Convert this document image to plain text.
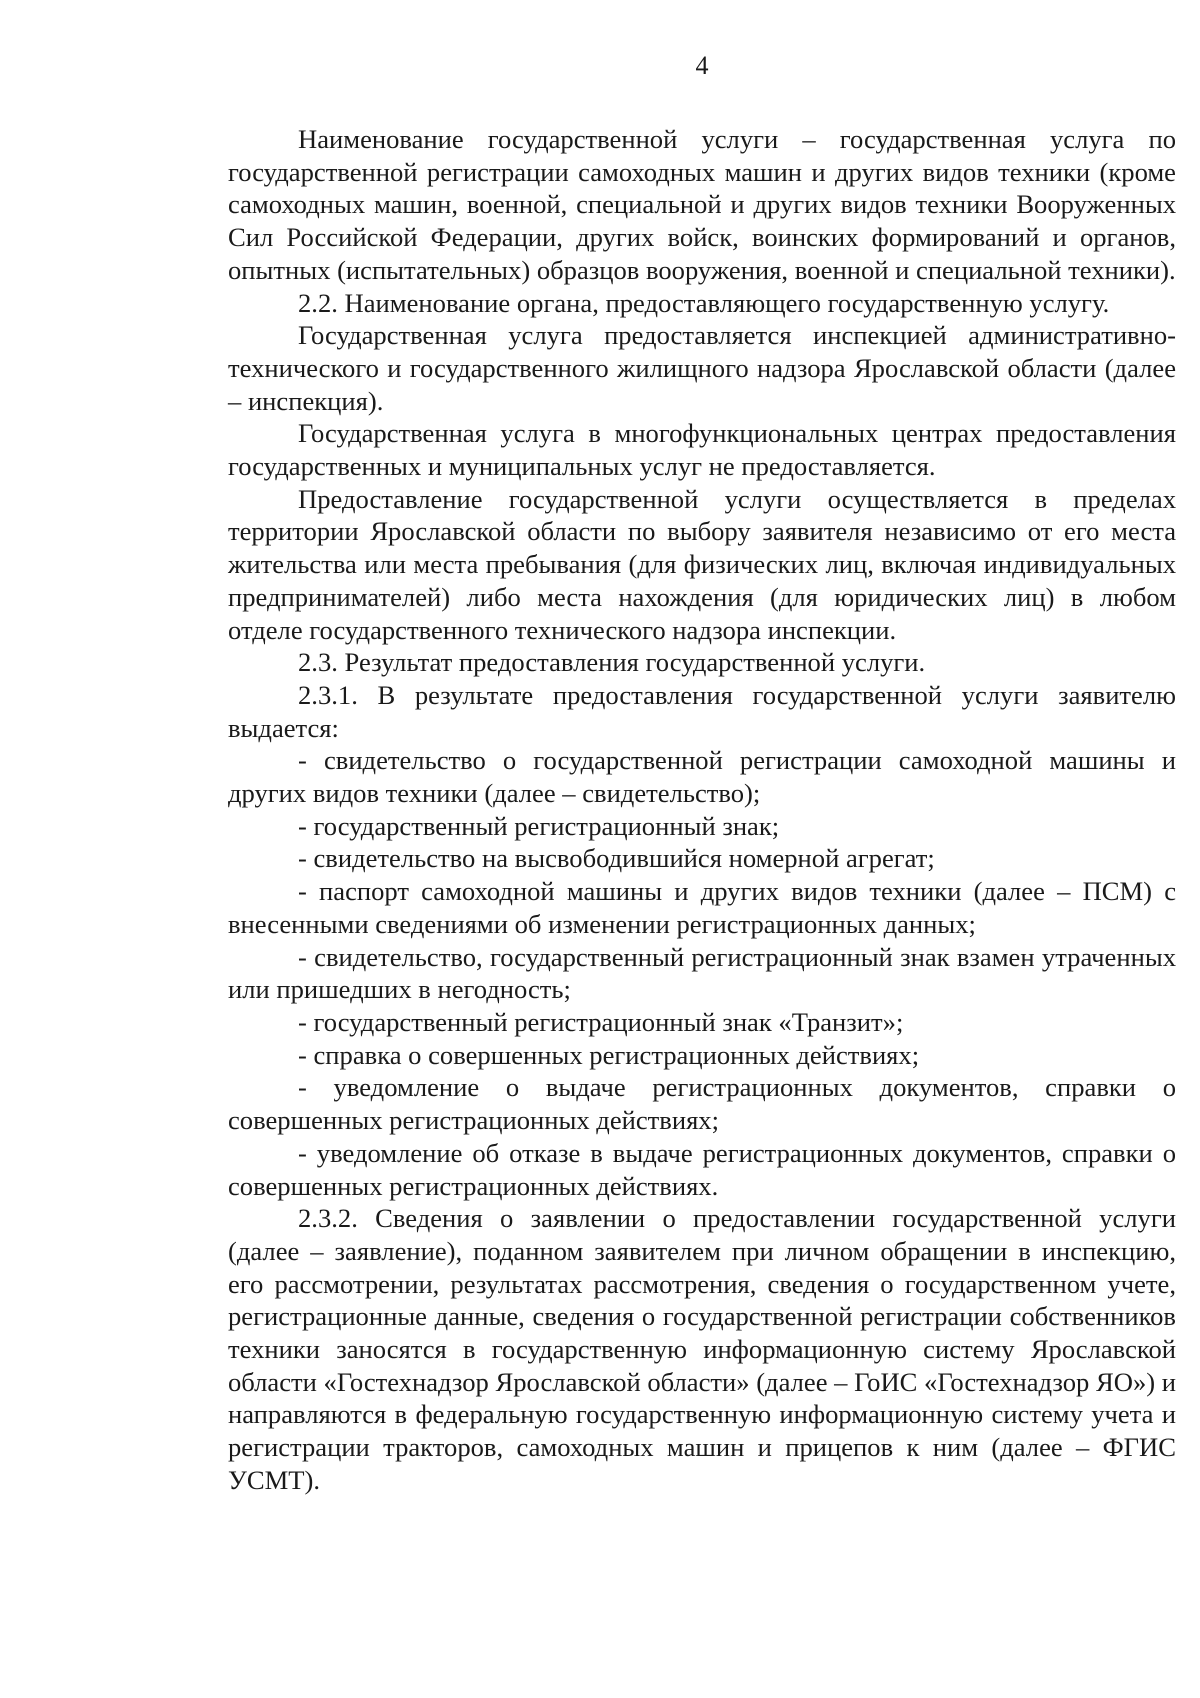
4

Наименование государственной услуги – государственная услуга по государственной регистрации самоходных машин и других видов техники (кроме самоходных машин, военной, специальной и других видов техники Вооруженных Сил Российской Федерации, других войск, воинских формирований и органов, опытных (испытательных) образцов вооружения, военной и специальной техники).

2.2. Наименование органа, предоставляющего государственную услугу.

Государственная услуга предоставляется инспекцией административно-технического и государственного жилищного надзора Ярославской области (далее – инспекция).

Государственная услуга в многофункциональных центрах предоставления государственных и муниципальных услуг не предоставляется.

Предоставление государственной услуги осуществляется в пределах территории Ярославской области по выбору заявителя независимо от его места жительства или места пребывания (для физических лиц, включая индивидуальных предпринимателей) либо места нахождения (для юридических лиц) в любом отделе государственного технического надзора инспекции.

2.3. Результат предоставления государственной услуги.

2.3.1. В результате предоставления государственной услуги заявителю выдается:

- свидетельство о государственной регистрации самоходной машины и других видов техники (далее – свидетельство);

- государственный регистрационный знак;

- свидетельство на высвободившийся номерной агрегат;

- паспорт самоходной машины и других видов техники (далее – ПСМ) с внесенными сведениями об изменении регистрационных данных;

- свидетельство, государственный регистрационный знак взамен утраченных или пришедших в негодность;

- государственный регистрационный знак «Транзит»;

- справка о совершенных регистрационных действиях;

- уведомление о выдаче регистрационных документов, справки о совершенных регистрационных действиях;

- уведомление об отказе в выдаче регистрационных документов, справки о совершенных регистрационных действиях.

2.3.2. Сведения о заявлении о предоставлении государственной услуги (далее – заявление), поданном заявителем при личном обращении в инспекцию, его рассмотрении, результатах рассмотрения, сведения о государственном учете, регистрационные данные, сведения о государственной регистрации собственников техники заносятся в государственную информационную систему Ярославской области «Гостехнадзор Ярославской области» (далее – ГоИС «Гостехнадзор ЯО») и направляются в федеральную государственную информационную систему учета и регистрации тракторов, самоходных машин и прицепов к ним (далее – ФГИС УСМТ).
